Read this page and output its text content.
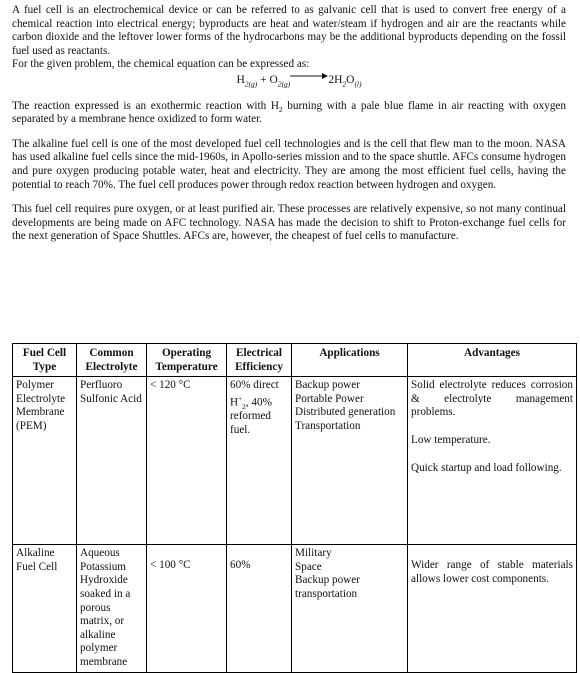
A fuel cell is an electrochemical device or can be referred to as galvanic cell that is used to convert free energy of a chemical reaction into electrical energy; byproducts are heat and water/steam if hydrogen and air are the reactants while carbon dioxide and the leftover lower forms of the hydrocarbons may be the additional byproducts depending on the fossil fuel used as reactants.

For the given problem, the chemical equation can be expressed as:

$H_{2(g)} + O_{2(g)} \to 2H_2O_{(l)}$

The reaction expressed is an exothermic reaction with $H_2$ burning with a pale blue flame in air reacting with oxygen separated by a membrane hence oxidized to form water.

The alkaline fuel cell is one of the most developed fuel cell technologies and is the cell that flew man to the moon. NASA has used alkaline fuel cells since the mid-1960s, in Apollo-series mission and to the space shuttle. AFCs consume hydrogen and pure oxygen producing potable water, heat and electricity. They are among the most efficient fuel cells, having the potential to reach 70%. The fuel cell produces power through redox reaction between hydrogen and oxygen.

This fuel cell requires pure oxygen, or at least purified air. These processes are relatively expensive, so not many continual developments are being made on AFC technology. NASA has made the decision to shift to Proton-exchange fuel cells for the next generation of Space Shuttles. AFCs are, however, the cheapest of fuel cells to manufacture.

Fuel Cell Type	Common Electrolyte	Operating Temperature	Electrical Efficiency	Applications	Advantages
Polymer Electrolyte Membrane (PEM)	Perfluoro Sulfonic Acid	< 120 °C	60% direct $H^+_2$, 40% reformed fuel.	Backup power
Portable Power
Distributed generation
Transportation	Solid electrolyte reduces corrosion & electrolyte management problems.
Low temperature.
Quick startup and load following.

Alkaline Fuel Cell	Aqueous Potassium Hydroxide soaked in a porous matrix, or alkaline polymer membrane	< 100 °C	60%	Military
Space
Backup power
transportation	Wider range of stable materials allows lower cost components.
